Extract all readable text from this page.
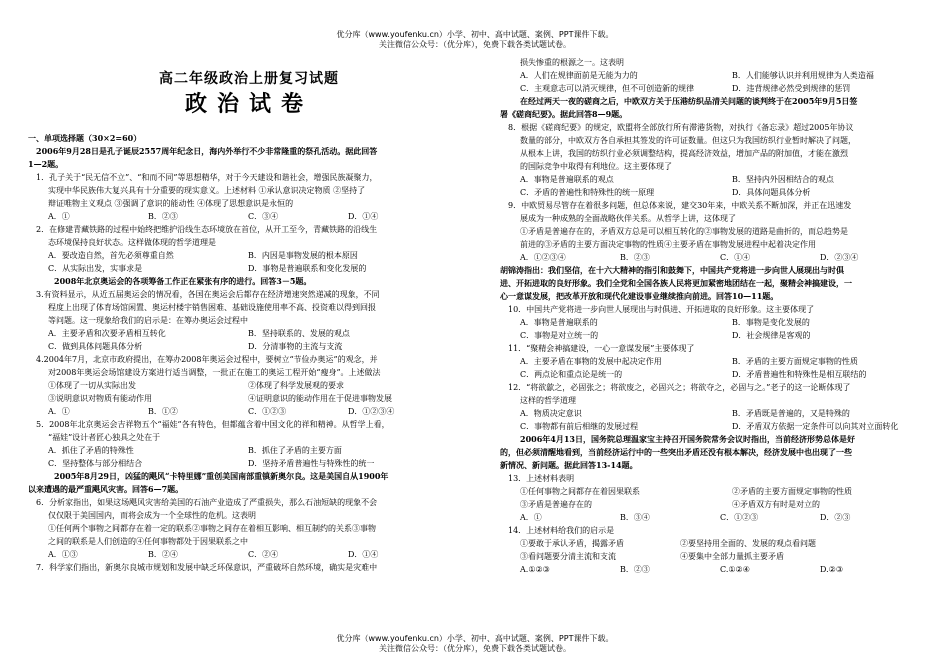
优分库（www.youfenku.cn）小学、初中、高中试题、案例、PPT课件下载。
关注微信公众号：（优分库），免费下载各类试题试卷。
高二年级政治上册复习试题
政治试卷

一、单项选择题（30×2=60）

2006年9月28日是孔子诞辰2557周年纪念日，海内外举行不少非常隆重的祭孔活动。据此回答

1—2题。

1．孔子关于“民无信不立”、“和而不同”等思想精华，对于今天建设和谐社会，增强民族凝聚力，

实现中华民族伟大复兴具有十分重要的现实意义。上述材料 ①承认意识决定物质 ②坚持了

辩证唯物主义观点 ③强调了意识的能动性 ④体现了思想意识是永恒的

A．①	B．②③	C．③④	D．①④

2．在修建青藏铁路的过程中始终把维护沿线生态环境放在首位，从开工至今，青藏铁路的沿线生

态环境保持良好状态。这样做体现的哲学道理是

A．要改造自然，首先必须尊重自然	B．内因是事物发展的根本原因

C．从实际出发，实事求是	D．事物是普遍联系和变化发展的

2008年北京奥运会的各项筹备工作正在紧张有序的进行。回答3－5题。

3.有资料显示，从近五届奥运会的情况看，各国在奥运会后都存在经济增速突然递减的现象，不同

程度上出现了体育场馆闲置、奥运村楼宇销售困难、基础设施使用率不高、投资难以得到回报

等问题。这一现象给我们的启示是：在筹办奥运会过程中

A．主要矛盾和次要矛盾相互转化	B．坚持联系的、发展的观点

C．做到具体问题具体分析	D．分清事物的主流与支流

4.2004年7月，北京市政府提出，在筹办2008年奥运会过程中，要树立“节俭办奥运”的观念，并

对2008年奥运会场馆建设方案进行适当调整，一批正在施工的奥运工程开始“瘦身”。上述做法

①体现了一切从实际出发	②体现了科学发展观的要求

③说明意识对物质有能动作用	④证明意识的能动作用在于促进事物发展

A．①	B．①②	C．①②③	D．①②③④

5．2008年北京奥运会吉祥物五个“福娃”各有特色，但都蕴含着中国文化的祥和精神。从哲学上看，

“福娃”设计者匠心独具之处在于

A．抓住了矛盾的特殊性	B．抓住了矛盾的主要方面

C．坚持整体与部分相结合	D．坚持矛盾普遍性与特殊性的统一

2005年8月29日，凶猛的飓风“卡特里娜”重创美国南部重镇新奥尔良。这是美国自从1900年

以来遭遇的最严重飓风灾害。回答6—7题。

6．分析家指出，如果这场飓风灾害给美国的石油产业造成了严重损失，那么石油短缺的现象不会

仅仅限于美国国内，而将会成为一个全球性的危机。这表明

①任何两个事物之间都存在着一定的联系②事物之间存在着相互影响、相互制约的关系③事物

之间的联系是人们创造的④任何事物都处于因果联系之中

A．①③	B．②④	C．②④	D．①④

7．科学家们指出，新奥尔良城市规划和发展中缺乏环保意识，严重破坏自然环境，确实是灾难中

损失惨重的根源之一。这表明

A．人们在规律面前是无能为力的	B．人们能够认识并利用规律为人类造福

C．主观意志可以消灭规律，但不可创造新的规律	D．违背规律必然受到规律的惩罚

在经过两天一夜的磋商之后，中欧双方关于压港纺织品清关问题的谈判终于在2005年9月5日签

署《磋商纪要》。据此回答8—9题。

8．根据《磋商纪要》的规定，欧盟将全部放行所有滞港货物，对执行《备忘录》超过2005年协议

数量的部分，中欧双方各自承担其签发的许可证数量。但这只为我国纺织行业暂时解决了问题，

从根本上讲，我国的纺织行业必须调整结构，提高经济效益，增加产品的附加值，才能在激烈

的国际竞争中取得有利地位。这主要体现了

A．事物是普遍联系的观点	B．坚持内外因相结合的观点

C．矛盾的普遍性和特殊性的统一原理	D．具体问题具体分析

9．中欧贸易尽管存在着很多问题，但总体来说，建交30年来，中欧关系不断加深，并正在迅速发

展成为一种成熟的全面战略伙伴关系。从哲学上讲，这体现了

①矛盾是普遍存在的，矛盾双方总是可以相互转化的②事物发展的道路是曲折的，而总趋势是

前进的③矛盾的主要方面决定事物的性质④主要矛盾在事物发展进程中起着决定作用

A．①②③④	B．②③	C．①④	D．②③④

胡锦涛指出：我们坚信，在十六大精神的指引和鼓舞下，中国共产党将进一步向世人展现出与时俱

进、开拓进取的良好形象。我们全党和全国各族人民将更加紧密地团结在一起，聚精会神搞建设，一

心一意谋发展，把改革开放和现代化建设事业继续推向前进。回答10—11题。

10．中国共产党将进一步向世人展现出与时俱进、开拓进取的良好形象。这主要体现了

A．事物是普遍联系的	B．事物是变化发展的

C．事物是对立统一的	D．社会规律是客观的

11．“聚精会神搞建设，一心一意谋发展”主要体现了

A．主要矛盾在事物的发展中起决定作用	B．矛盾的主要方面规定事物的性质

C．两点论和重点论是统一的	D．矛盾普遍性和特殊性是相互联结的

12．“将欲歙之，必固张之；将欲废之，必固兴之；将欲夺之，必固与之。”老子的这一论断体现了

这样的哲学道理

A．物质决定意识	B．矛盾既是普遍的，又是特殊的

C．事物都有前后相继的发展过程	D．矛盾双方依据一定条件可以向其对立面转化

2006年4月13日，国务院总理温家宝主持召开国务院常务会议时指出，当前经济形势总体是好

的，但必须清醒地看到，当前经济运行中的一些突出矛盾还没有根本解决，经济发展中也出现了一些

新情况、新问题。据此回答13-14题。

13．上述材料表明

①任何事物之间都存在着因果联系	②矛盾的主要方面规定事物的性质

③矛盾是普遍存在的	④矛盾双方有时是对立的

A．①	B．③④	C．①②③	D．②③

14．上述材料给我们的启示是

①要敢于承认矛盾，揭露矛盾	②要坚持用全面的、发展的观点看问题

③看问题要分清主流和支流	④要集中全部力量抓主要矛盾

A.①②③	B．②③	C.①②④	D.②③

优分库（www.youfenku.cn）小学、初中、高中试题、案例、PPT课件下载。
关注微信公众号：（优分库），免费下载各类试题试卷。
